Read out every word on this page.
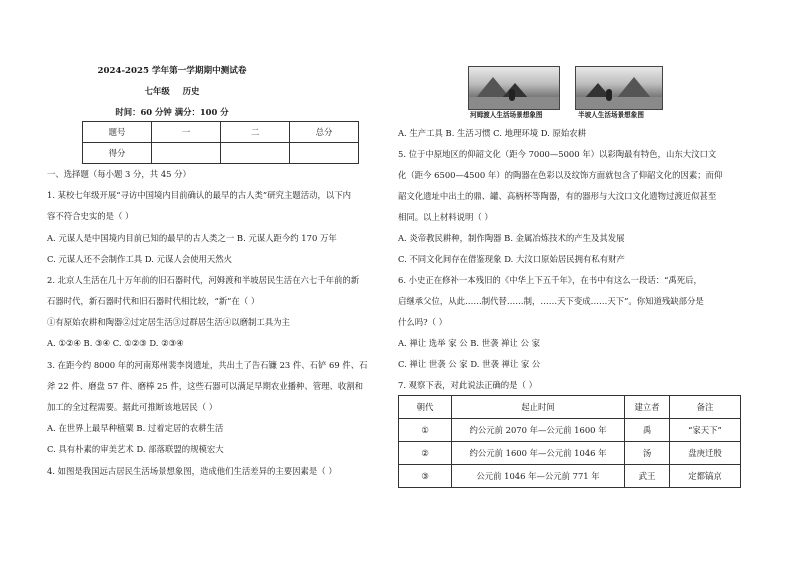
2024-2025 学年第一学期期中测试卷
七年级 历史
时间：60 分钟 满分：100 分
题号	一	二	总分
得分			
一、选择题（每小题 3 分，共 45 分）
1. 某校七年级开展“寻访中国境内目前确认的最早的古人类”研究主题活动，以下内
容不符合史实的是（ ）
A. 元谋人是中国境内目前已知的最早的古人类之一 B. 元谋人距今约 170 万年
C. 元谋人还不会制作工具 D. 元谋人会使用天然火
2. 北京人生活在几十万年前的旧石器时代，河姆渡和半坡居民生活在六七千年前的新
石器时代，新石器时代和旧石器时代相比较，“新”在（ ）
①有原始农耕和陶器②过定居生活③过群居生活④以磨制工具为主
A. ①②④ B. ③④ C. ①②③ D. ②③④
3. 在距今约 8000 年的河南郑州裴李岗遗址，共出土了告石镰 23 件、石铲 69 件、石
斧 22 件、磨盘 57 件、磨棒 25 件，这些石器可以满足早期农业播种、管理、收割和
加工的全过程需要。据此可推断该地居民（ ）
A. 在世界上最早种植粟 B. 过着定居的农耕生活
C. 具有朴素的审美艺术 D. 部落联盟的规模宏大
4. 如图是我国远古居民生活场景想象图，造成他们生活差异的主要因素是（ ）
河姆渡人生活场景想象图	半坡人生活场景想象图
A. 生产工具 B. 生活习惯 C. 地理环境 D. 原始农耕
5. 位于中原地区的仰韶文化（距今 7000—5000 年）以彩陶最有特色，山东大汶口文
化（距今 6500—4500 年）的陶器在色彩以及纹饰方面就包含了仰韶文化的因素；而仰
韶文化遗址中出土的鼎、罐、高柄杯等陶器，有的器形与大汶口文化遗物过渡近似甚至
相同。以上材料说明（ ）
A. 炎帝教民耕种，制作陶器 B. 金属冶炼技术的产生及其发展
C. 不同文化间存在借鉴现象 D. 大汶口原始居民拥有私有财产
6. 小史正在修补一本残旧的《中华上下五千年》，在书中有这么一段话：“禹死后，
启继承父位，从此……制代替……制，……天下变成……天下”。你知道残缺部分是
什么吗?（ ）
A. 禅让 选举 家 公 B. 世袭 禅让 公 家
C. 禅让 世袭 公 家 D. 世袭 禅让 家 公
7. 观察下表，对此说法正确的是（ ）
朝代	起止时间	建立者	备注
①	约公元前 2070 年—公元前 1600 年	禹	“家天下”
②	约公元前 1600 年—公元前 1046 年	汤	盘庚迁殷
③	公元前 1046 年—公元前 771 年	武王	定都镐京
